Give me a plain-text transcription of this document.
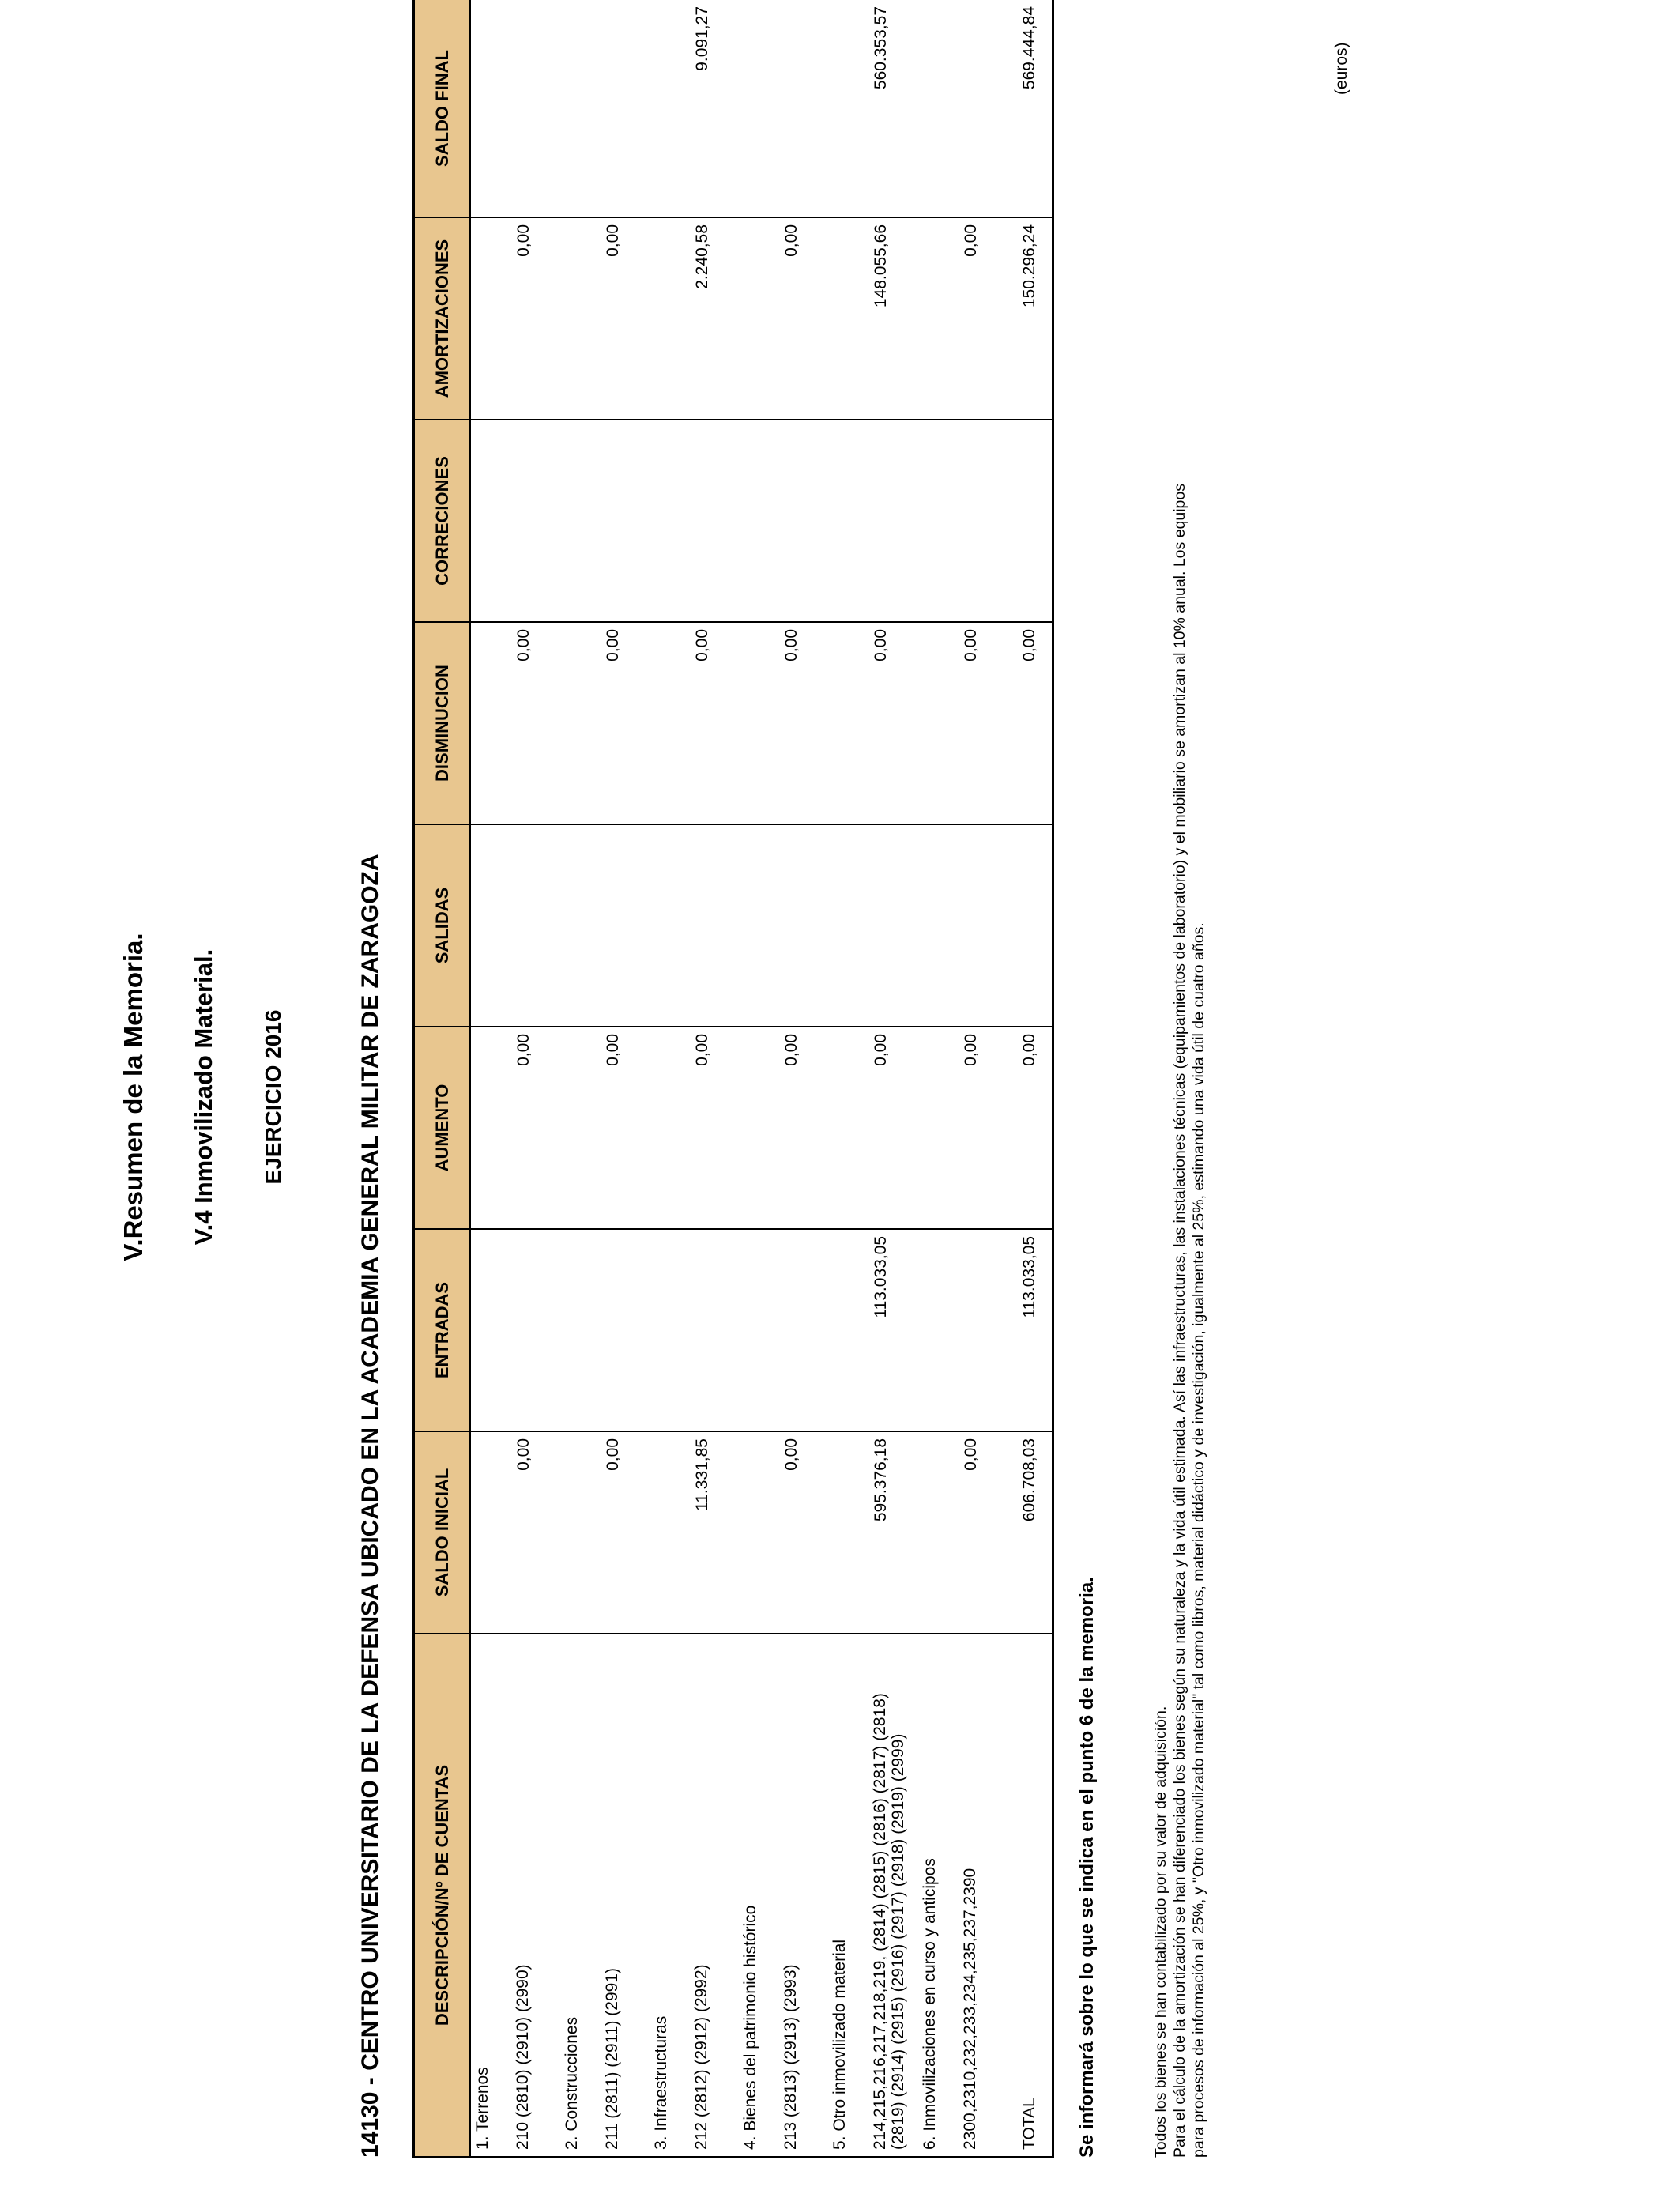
V.Resumen de la Memoria. V.4 Inmovilizado Material. EJERCICIO 2016	14130 - CENTRO UNIVERSITARIO DE LA DEFENSA UBICADO EN LA ACADEMIA GENERAL MILITAR DE ZARAGOZA
(euros)
DESCRIPCIÓN/Nº DE CUENTAS	SALDO INICIAL	ENTRADAS	AUMENTO	SALIDAS	DISMINUCION	CORRECIONES	AMORTIZACIONES	SALDO FINAL
1. Terrenos								
210 (2810) (2910) (2990)	0,00		0,00		0,00		0,00	
2. Construcciones								
211 (2811) (2911) (2991)	0,00		0,00		0,00		0,00	
3. Infraestructuras								
212 (2812) (2912) (2992)	11.331,85		0,00		0,00		2.240,58	9.091,27
4. Bienes del patrimonio histórico								
213 (2813) (2913) (2993)	0,00		0,00		0,00		0,00	
5. Otro inmovilizado material								

214,215,216,217,218,219, (2814) (2815) (2816) (2817) (2818) (2819) (2914) (2915) (2916) (2917) (2918) (2919) (2999)	595.376,18	113.033,05	0,00		0,00		148.055,66	560.353,57
6. Inmovilizaciones en curso y anticipos								
2300,2310,232,233,234,235,237,2390	0,00		0,00		0,00		0,00	
TOTAL	606.708,03	113.033,05	0,00		0,00		150.296,24	569.444,84
Se informará sobre lo que se indica en el punto 6 de la memoria.	Todos los bienes se han contabilizado por su valor de adquisición. Para el cálculo de la amortización se han diferenciado los bienes según su naturaleza y la vida útil estimada. Así las infraestructuras, las instalaciones técnicas (equipamientos de laboratorio) y el mobiliario se amortizan al 10% anual. Los equipos para procesos de información al 25%, y "Otro inmovilizado material" tal como libros, material didáctico y de investigación, igualmente al 25%, estimando una vida útil de cuatro años.
